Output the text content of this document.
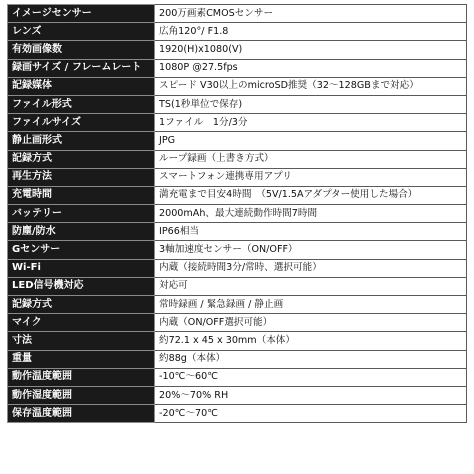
イメージセンサー	200万画素CMOSセンサー
レンズ	広角120°/ F1.8
有効画像数	1920(H)x1080(V)
録画サイズ / フレームレート	1080P @27.5fps
記録媒体	スピード V30以上のmicroSD推奨（32～128GBまで対応）
ファイル形式	TS(1秒単位で保存)
ファイルサイズ	1ファイル　1分/3分
静止画形式	JPG
記録方式	ループ録画（上書き方式）
再生方法	スマートフォン連携専用アプリ
充電時間	満充電まで目安4時間　（5V/1.5Aアダプター使用した場合）
バッテリー	2000mAh、最大連続動作時間7時間
防塵/防水	IP66相当
Gセンサー	3軸加速度センサー（ON/OFF）
Wi-Fi	内蔵（接続時間3分/常時、選択可能）
LED信号機対応	対応可
記録方式	常時録画 / 緊急録画 / 静止画
マイク	内蔵（ON/OFF選択可能）
寸法	約72.1 x 45 x 30mm（本体）
重量	約88g（本体）
動作温度範囲	-10℃～60℃
動作湿度範囲	20%～70% RH
保存温度範囲	-20℃～70℃
